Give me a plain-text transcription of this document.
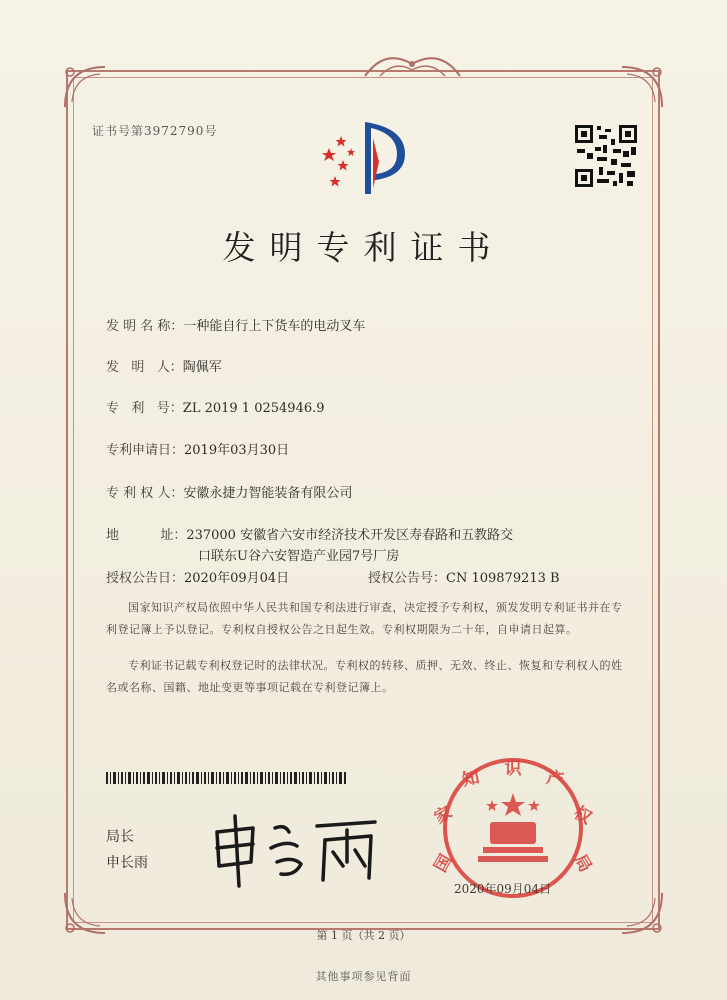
证书号第3972790号
发明专利证书
发 明 名 称：一种能自行上下货车的电动叉车
发   明   人：陶佩军
专   利   号：ZL 2019 1 0254946.9
专利申请日：2019年03月30日
专 利 权 人：安徽永捷力智能装备有限公司
地          址：237000 安徽省六安市经济技术开发区寿春路和五教路交
口联东U谷六安智造产业园7号厂房
授权公告日：2020年09月04日	授权公告号：CN 109879213 B
国家知识产权局依照中华人民共和国专利法进行审查，决定授予专利权，颁发发明专利证书并在专利登记簿上予以登记。专利权自授权公告之日起生效。专利权期限为二十年，自申请日起算。
专利证书记载专利权登记时的法律状况。专利权的转移、质押、无效、终止、恢复和专利权人的姓名或名称、国籍、地址变更等事项记载在专利登记簿上。
局长
申长雨	国
家
知 识 产
权
局
2020年09月04日
第 1 页（共 2 页）
其他事项参见背面
